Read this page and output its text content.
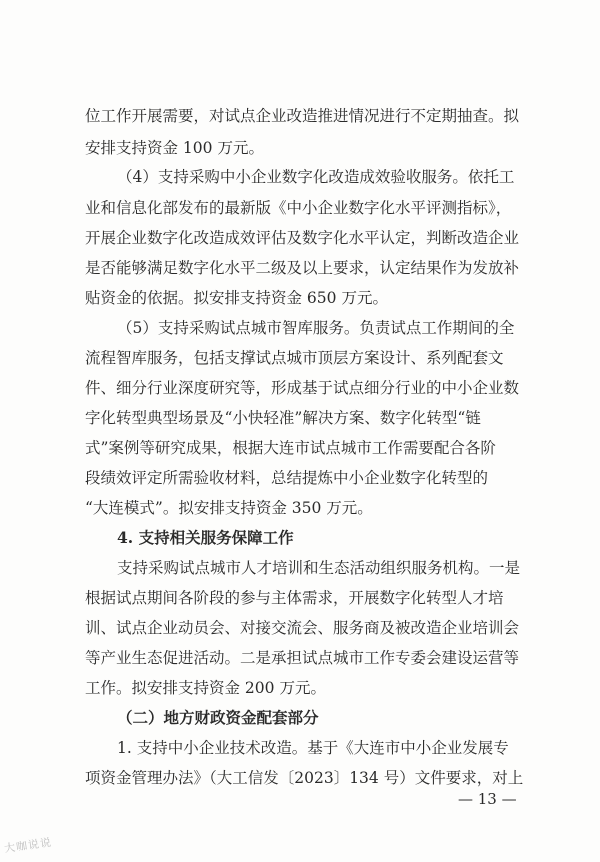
位工作开展需要，对试点企业改造推进情况进行不定期抽查。拟
安排支持资金 100 万元。
（4）支持采购中小企业数字化改造成效验收服务。依托工
业和信息化部发布的最新版《中小企业数字化水平评测指标》，
开展企业数字化改造成效评估及数字化水平认定，判断改造企业
是否能够满足数字化水平二级及以上要求，认定结果作为发放补
贴资金的依据。拟安排支持资金 650 万元。
（5）支持采购试点城市智库服务。负责试点工作期间的全
流程智库服务，包括支撑试点城市顶层方案设计、系列配套文
件、细分行业深度研究等，形成基于试点细分行业的中小企业数
字化转型典型场景及“小快轻准”解决方案、数字化转型“链
式”案例等研究成果，根据大连市试点城市工作需要配合各阶
段绩效评定所需验收材料，总结提炼中小企业数字化转型的
“大连模式”。拟安排支持资金 350 万元。
4. 支持相关服务保障工作
支持采购试点城市人才培训和生态活动组织服务机构。一是
根据试点期间各阶段的参与主体需求，开展数字化转型人才培
训、试点企业动员会、对接交流会、服务商及被改造企业培训会
等产业生态促进活动。二是承担试点城市工作专委会建设运营等
工作。拟安排支持资金 200 万元。
（二）地方财政资金配套部分
1. 支持中小企业技术改造。基于《大连市中小企业发展专
项资金管理办法》（大工信发〔2023〕134 号）文件要求，对上
— 13 —
大咖说说
